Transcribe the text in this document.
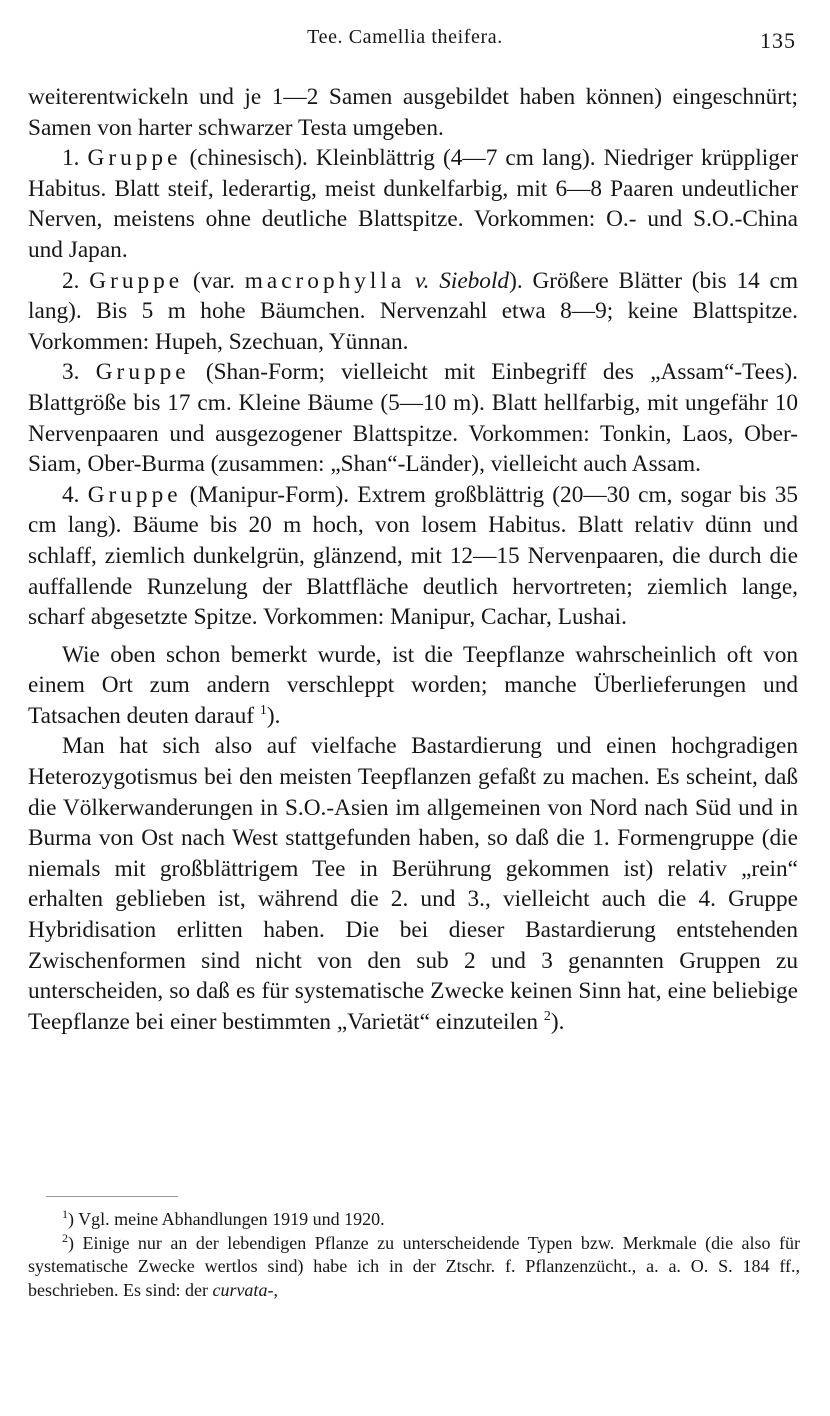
Tee. Camellia theifera.	135

weiterentwickeln und je 1—2 Samen ausgebildet haben können) eingeschnürt; Samen von harter schwarzer Testa umgeben.

1. Gruppe (chinesisch). Kleinblättrig (4—7 cm lang). Niedriger krüppliger Habitus. Blatt steif, lederartig, meist dunkelfarbig, mit 6—8 Paaren undeutlicher Nerven, meistens ohne deutliche Blattspitze. Vorkommen: O.- und S.O.-China und Japan.

2. Gruppe (var. macrophylla v. Siebold). Größere Blätter (bis 14 cm lang). Bis 5 m hohe Bäumchen. Nervenzahl etwa 8—9; keine Blattspitze. Vorkommen: Hupeh, Szechuan, Yünnan.

3. Gruppe (Shan-Form; vielleicht mit Einbegriff des „Assam“-Tees). Blattgröße bis 17 cm. Kleine Bäume (5—10 m). Blatt hellfarbig, mit ungefähr 10 Nervenpaaren und ausgezogener Blattspitze. Vorkommen: Tonkin, Laos, Ober-Siam, Ober-Burma (zusammen: „Shan“-Länder), vielleicht auch Assam.

4. Gruppe (Manipur-Form). Extrem großblättrig (20—30 cm, sogar bis 35 cm lang). Bäume bis 20 m hoch, von losem Habitus. Blatt relativ dünn und schlaff, ziemlich dunkelgrün, glänzend, mit 12—15 Nervenpaaren, die durch die auffallende Runzelung der Blattfläche deutlich hervortreten; ziemlich lange, scharf abgesetzte Spitze. Vorkommen: Manipur, Cachar, Lushai.

Wie oben schon bemerkt wurde, ist die Teepflanze wahrscheinlich oft von einem Ort zum andern verschleppt worden; manche Überlieferungen und Tatsachen deuten darauf $^1$).

Man hat sich also auf vielfache Bastardierung und einen hochgradigen Heterozygotismus bei den meisten Teepflanzen gefaßt zu machen. Es scheint, daß die Völkerwanderungen in S.O.-Asien im allgemeinen von Nord nach Süd und in Burma von Ost nach West stattgefunden haben, so daß die 1. Formengruppe (die niemals mit großblättrigem Tee in Berührung gekommen ist) relativ „rein“ erhalten geblieben ist, während die 2. und 3., vielleicht auch die 4. Gruppe Hybridisation erlitten haben. Die bei dieser Bastardierung entstehenden Zwischenformen sind nicht von den sub 2 und 3 genannten Gruppen zu unterscheiden, so daß es für systematische Zwecke keinen Sinn hat, eine beliebige Teepflanze bei einer bestimmten „Varietät“ einzuteilen $^2$).

$^1$) Vgl. meine Abhandlungen 1919 und 1920.

$^2$) Einige nur an der lebendigen Pflanze zu unterscheidende Typen bzw. Merkmale (die also für systematische Zwecke wertlos sind) habe ich in der Ztschr. f. Pflanzenzücht., a. a. O. S. 184 ff., beschrieben. Es sind: der curvata-,
